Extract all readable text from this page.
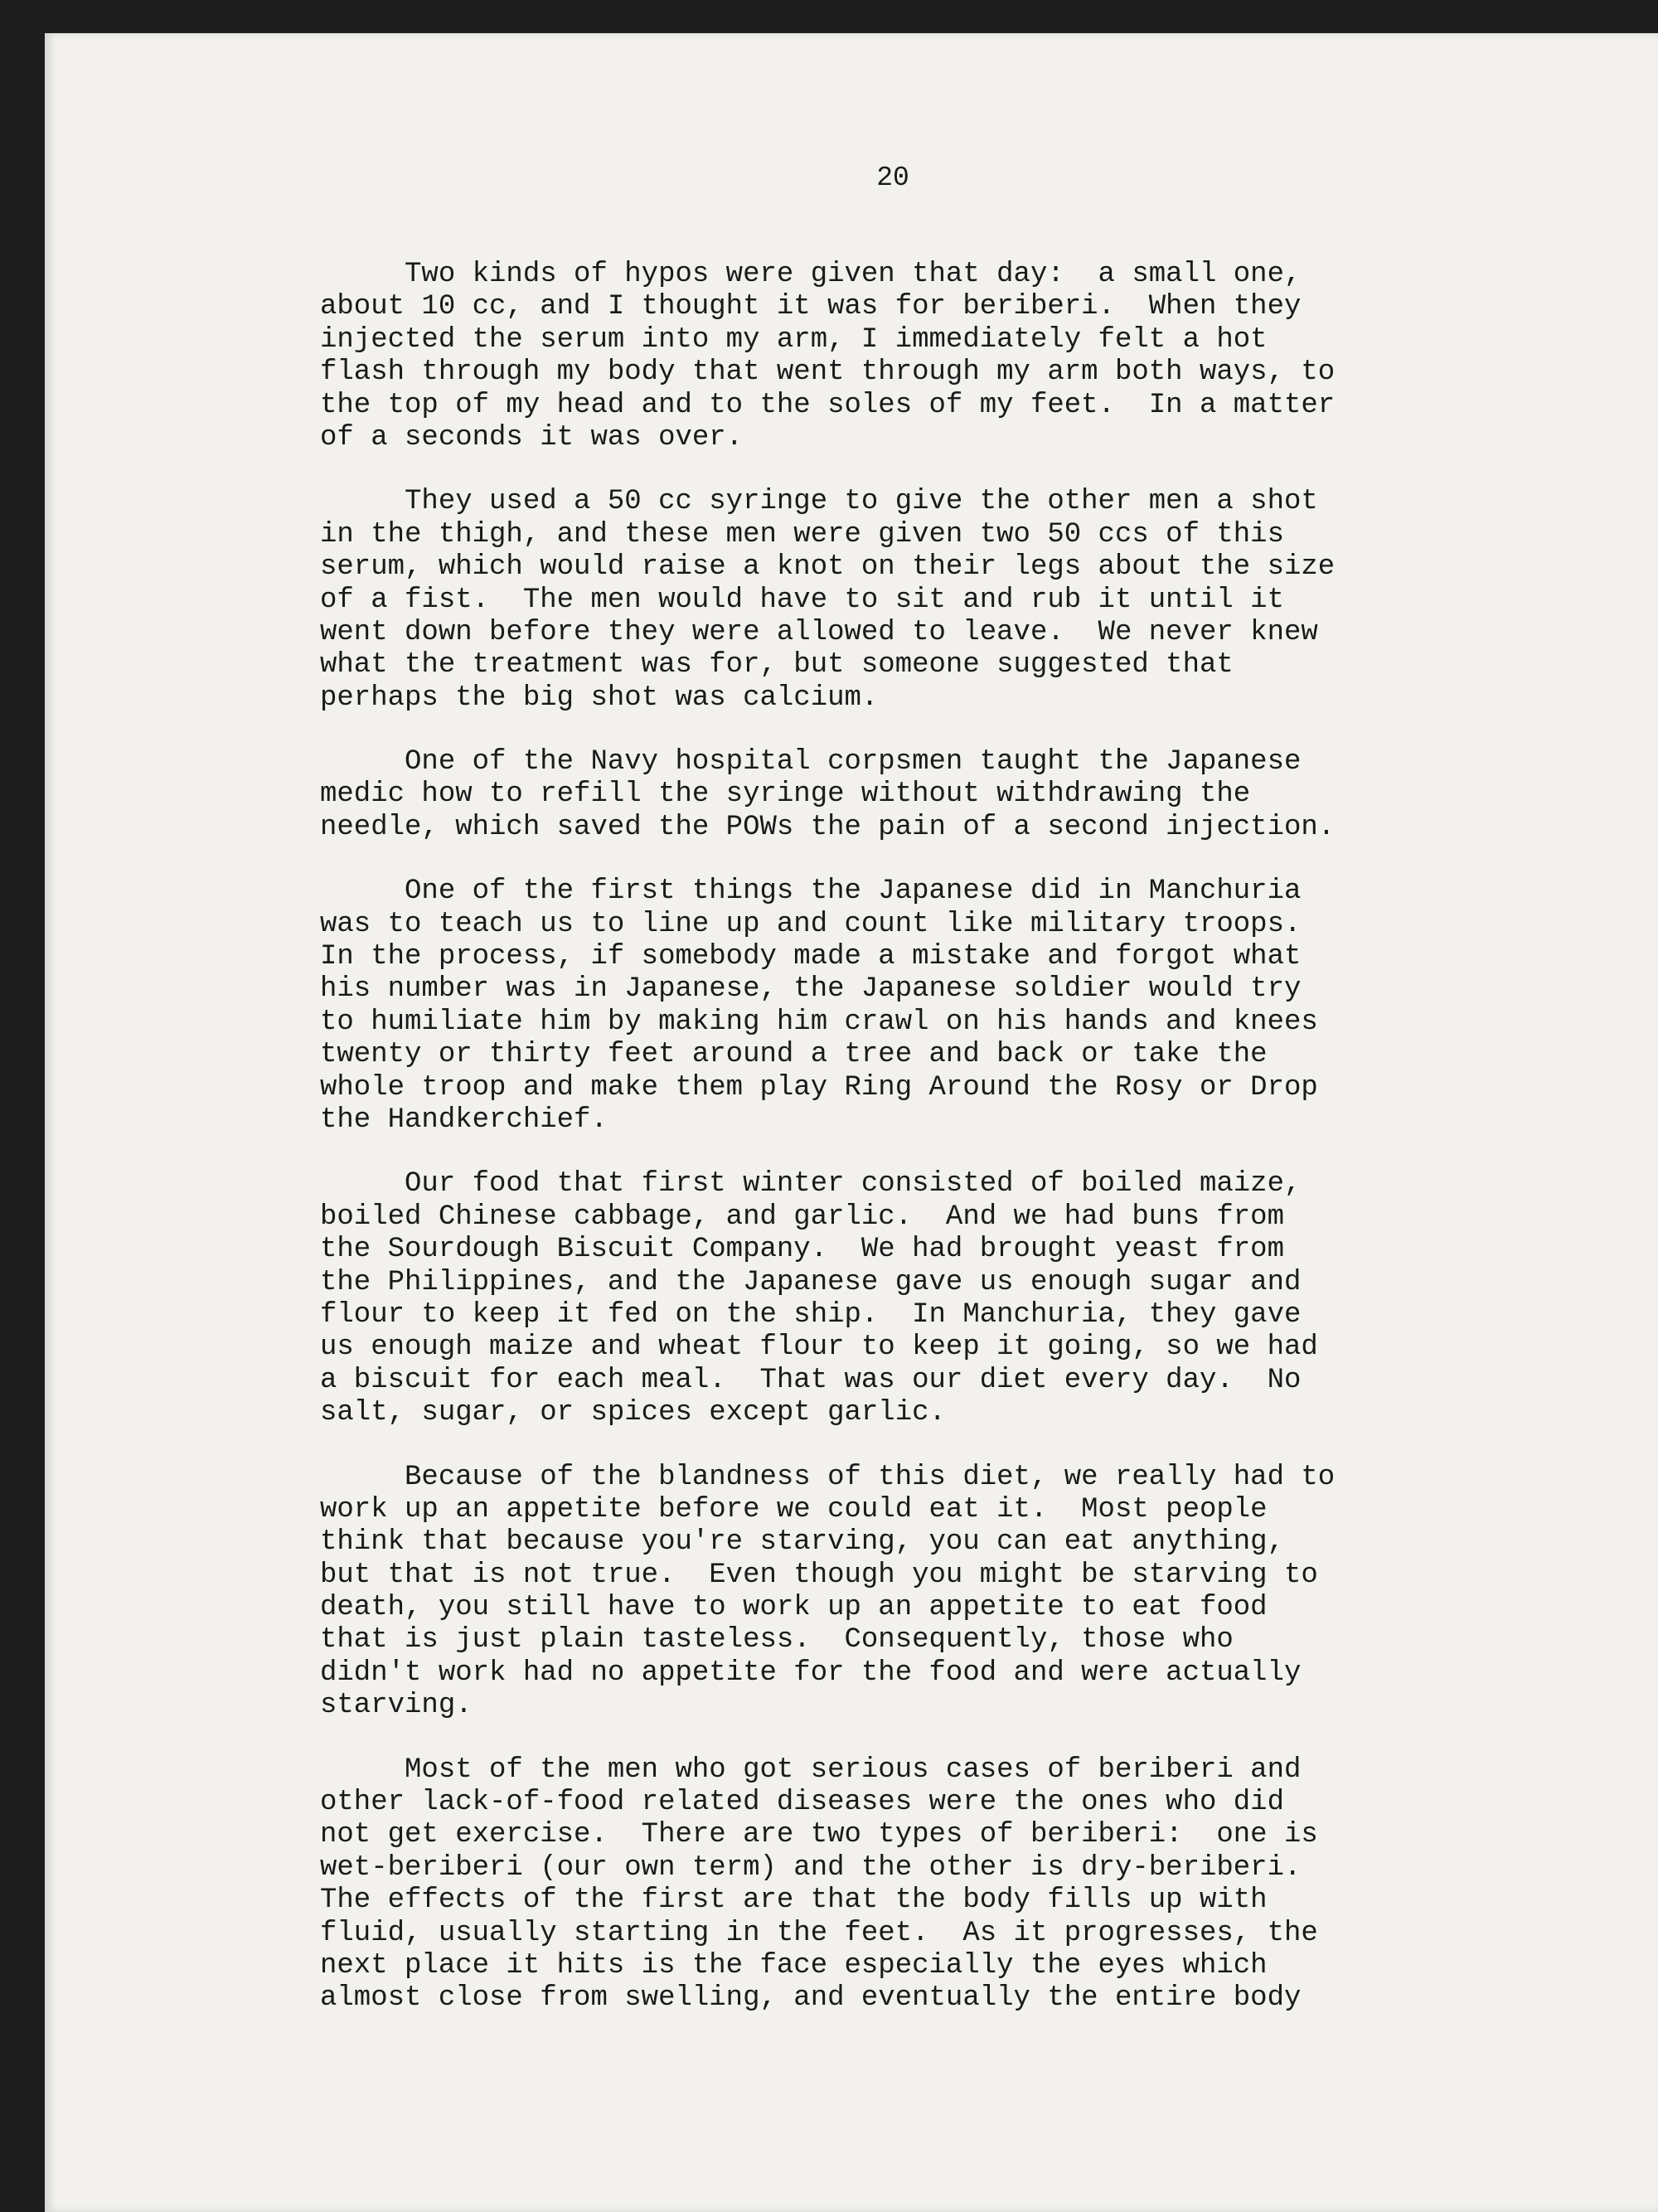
20
Two kinds of hypos were given that day:  a small one,
about 10 cc, and I thought it was for beriberi.  When they
injected the serum into my arm, I immediately felt a hot
flash through my body that went through my arm both ways, to
the top of my head and to the soles of my feet.  In a matter
of a seconds it was over.
They used a 50 cc syringe to give the other men a shot
in the thigh, and these men were given two 50 ccs of this
serum, which would raise a knot on their legs about the size
of a fist.  The men would have to sit and rub it until it
went down before they were allowed to leave.  We never knew
what the treatment was for, but someone suggested that
perhaps the big shot was calcium.
One of the Navy hospital corpsmen taught the Japanese
medic how to refill the syringe without withdrawing the
needle, which saved the POWs the pain of a second injection.
One of the first things the Japanese did in Manchuria
was to teach us to line up and count like military troops.
In the process, if somebody made a mistake and forgot what
his number was in Japanese, the Japanese soldier would try
to humiliate him by making him crawl on his hands and knees
twenty or thirty feet around a tree and back or take the
whole troop and make them play Ring Around the Rosy or Drop
the Handkerchief.
Our food that first winter consisted of boiled maize,
boiled Chinese cabbage, and garlic.  And we had buns from
the Sourdough Biscuit Company.  We had brought yeast from
the Philippines, and the Japanese gave us enough sugar and
flour to keep it fed on the ship.  In Manchuria, they gave
us enough maize and wheat flour to keep it going, so we had
a biscuit for each meal.  That was our diet every day.  No
salt, sugar, or spices except garlic.
Because of the blandness of this diet, we really had to
work up an appetite before we could eat it.  Most people
think that because you're starving, you can eat anything,
but that is not true.  Even though you might be starving to
death, you still have to work up an appetite to eat food
that is just plain tasteless.  Consequently, those who
didn't work had no appetite for the food and were actually
starving.
Most of the men who got serious cases of beriberi and
other lack-of-food related diseases were the ones who did
not get exercise.  There are two types of beriberi:  one is
wet-beriberi (our own term) and the other is dry-beriberi.
The effects of the first are that the body fills up with
fluid, usually starting in the feet.  As it progresses, the
next place it hits is the face especially the eyes which
almost close from swelling, and eventually the entire body
